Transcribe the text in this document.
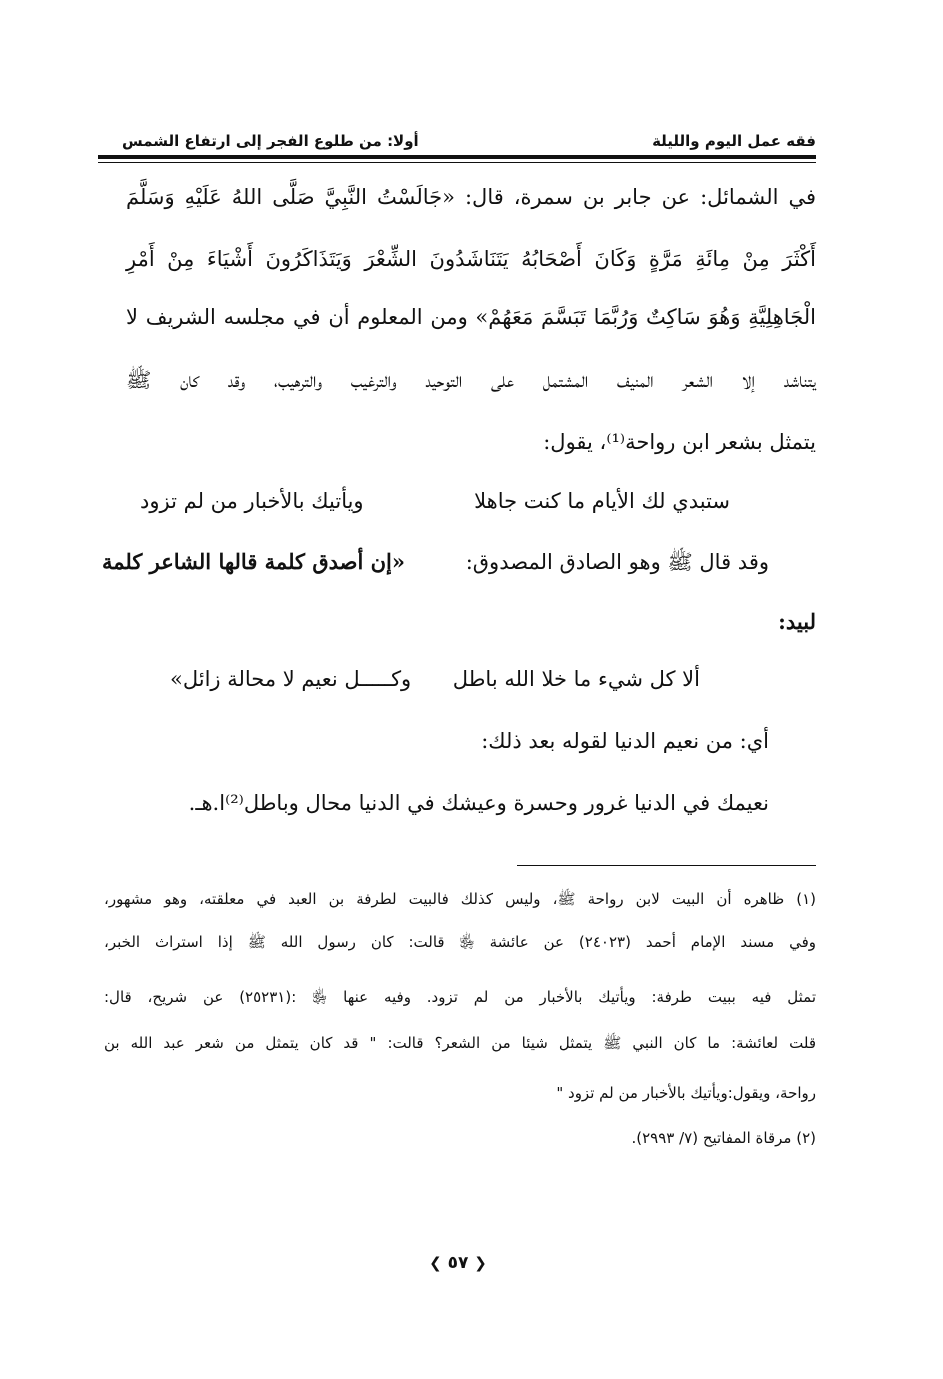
فقه عمل اليوم والليلة
أولا: من طلوع الفجر إلى ارتفاع الشمس
في الشمائل: عن جابر بن سمرة، قال: «جَالَسْتُ النَّبِيَّ صَلَّى اللهُ عَلَيْهِ وَسَلَّمَ
أَكْثَرَ مِنْ مِائَةِ مَرَّةٍ وَكَانَ أَصْحَابُهُ يَتَنَاشَدُونَ الشِّعْرَ وَيَتَذَاكَرُونَ أَشْيَاءَ مِنْ أَمْرِ
الْجَاهِلِيَّةِ وَهُوَ سَاكِتٌ وَرُبَّمَا تَبَسَّمَ مَعَهُمْ» ومن المعلوم أن في مجلسه الشريف لا
يتناشد إلا الشعر المنيف المشتمل على التوحيد والترغيب والترهيب، وقد كان ﷺ
يتمثل بشعر ابن رواحة⁽¹⁾، يقول:
ستبدي لك الأيام ما كنت جاهلا
ويأتيك بالأخبار من لم تزود
وقد قال ﷺ وهو الصادق المصدوق:
«إن أصدق كلمة قالها الشاعر كلمة
لبيد:
ألا كل شيء ما خلا الله باطل
وكـــــل نعيم لا محالة زائل»
أي: من نعيم الدنيا لقوله بعد ذلك:
نعيمك في الدنيا غرور وحسرة وعيشك في الدنيا محال وباطل⁽²⁾ا.هـ.
(١) ظاهره أن البيت لابن رواحة ﷺ، وليس كذلك فالبيت لطرفة بن العبد في معلقته، وهو مشهور،
وفي مسند الإمام أحمد (٢٤٠٢٣) عن عائشة ﵂ قالت: كان رسول الله ﷺ إذا استراث الخبر،
تمثل فيه ببيت طرفة: ويأتيك بالأخبار من لم تزود. وفيه عنها ﵂ :(٢٥٢٣١) عن شريح، قال:
قلت لعائشة: ما كان النبي ﷺ يتمثل شيئا من الشعر؟ قالت: " قد كان يتمثل من شعر عبد الله بن
رواحة، ويقول:ويأتيك بالأخبار من لم تزود "
(٢) مرقاة المفاتيح (٧/ ٢٩٩٣).
❮ ٥٧ ❯
